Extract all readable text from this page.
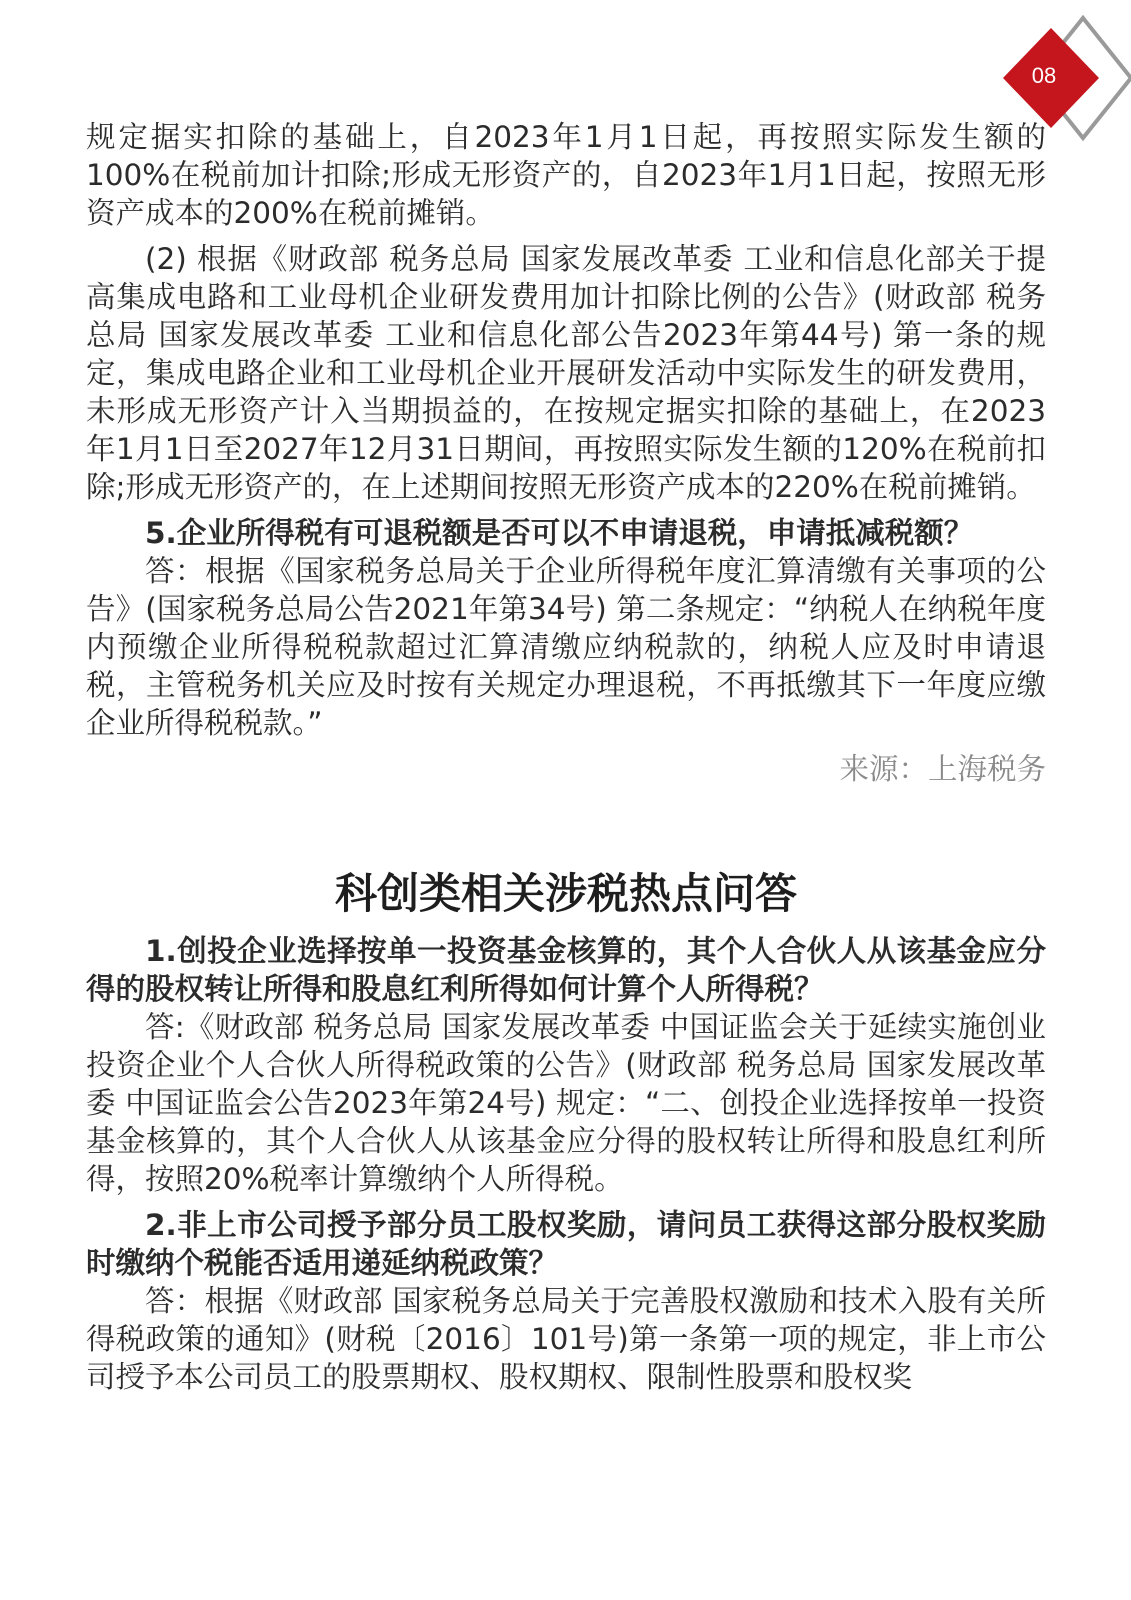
08

规定据实扣除的基础上，自2023年1月1日起，再按照实际发生额的100%在税前加计扣除;形成无形资产的，自2023年1月1日起，按照无形资产成本的200%在税前摊销。

(2) 根据《财政部 税务总局 国家发展改革委 工业和信息化部关于提高集成电路和工业母机企业研发费用加计扣除比例的公告》(财政部 税务总局 国家发展改革委 工业和信息化部公告2023年第44号) 第一条的规定，集成电路企业和工业母机企业开展研发活动中实际发生的研发费用，未形成无形资产计入当期损益的，在按规定据实扣除的基础上，在2023年1月1日至2027年12月31日期间，再按照实际发生额的120%在税前扣除;形成无形资产的，在上述期间按照无形资产成本的220%在税前摊销。

5.企业所得税有可退税额是否可以不申请退税，申请抵减税额？

答：根据《国家税务总局关于企业所得税年度汇算清缴有关事项的公告》(国家税务总局公告2021年第34号) 第二条规定：“纳税人在纳税年度内预缴企业所得税税款超过汇算清缴应纳税款的，纳税人应及时申请退税，主管税务机关应及时按有关规定办理退税，不再抵缴其下一年度应缴企业所得税税款。”

来源：上海税务
科创类相关涉税热点问答

1.创投企业选择按单一投资基金核算的，其个人合伙人从该基金应分得的股权转让所得和股息红利所得如何计算个人所得税？

答:《财政部 税务总局 国家发展改革委 中国证监会关于延续实施创业投资企业个人合伙人所得税政策的公告》(财政部 税务总局 国家发展改革委 中国证监会公告2023年第24号) 规定：“二、创投企业选择按单一投资基金核算的，其个人合伙人从该基金应分得的股权转让所得和股息红利所得，按照20%税率计算缴纳个人所得税。

2.非上市公司授予部分员工股权奖励，请问员工获得这部分股权奖励时缴纳个税能否适用递延纳税政策？

答：根据《财政部 国家税务总局关于完善股权激励和技术入股有关所得税政策的通知》(财税〔2016〕101号)第一条第一项的规定，非上市公司授予本公司员工的股票期权、股权期权、限制性股票和股权奖
